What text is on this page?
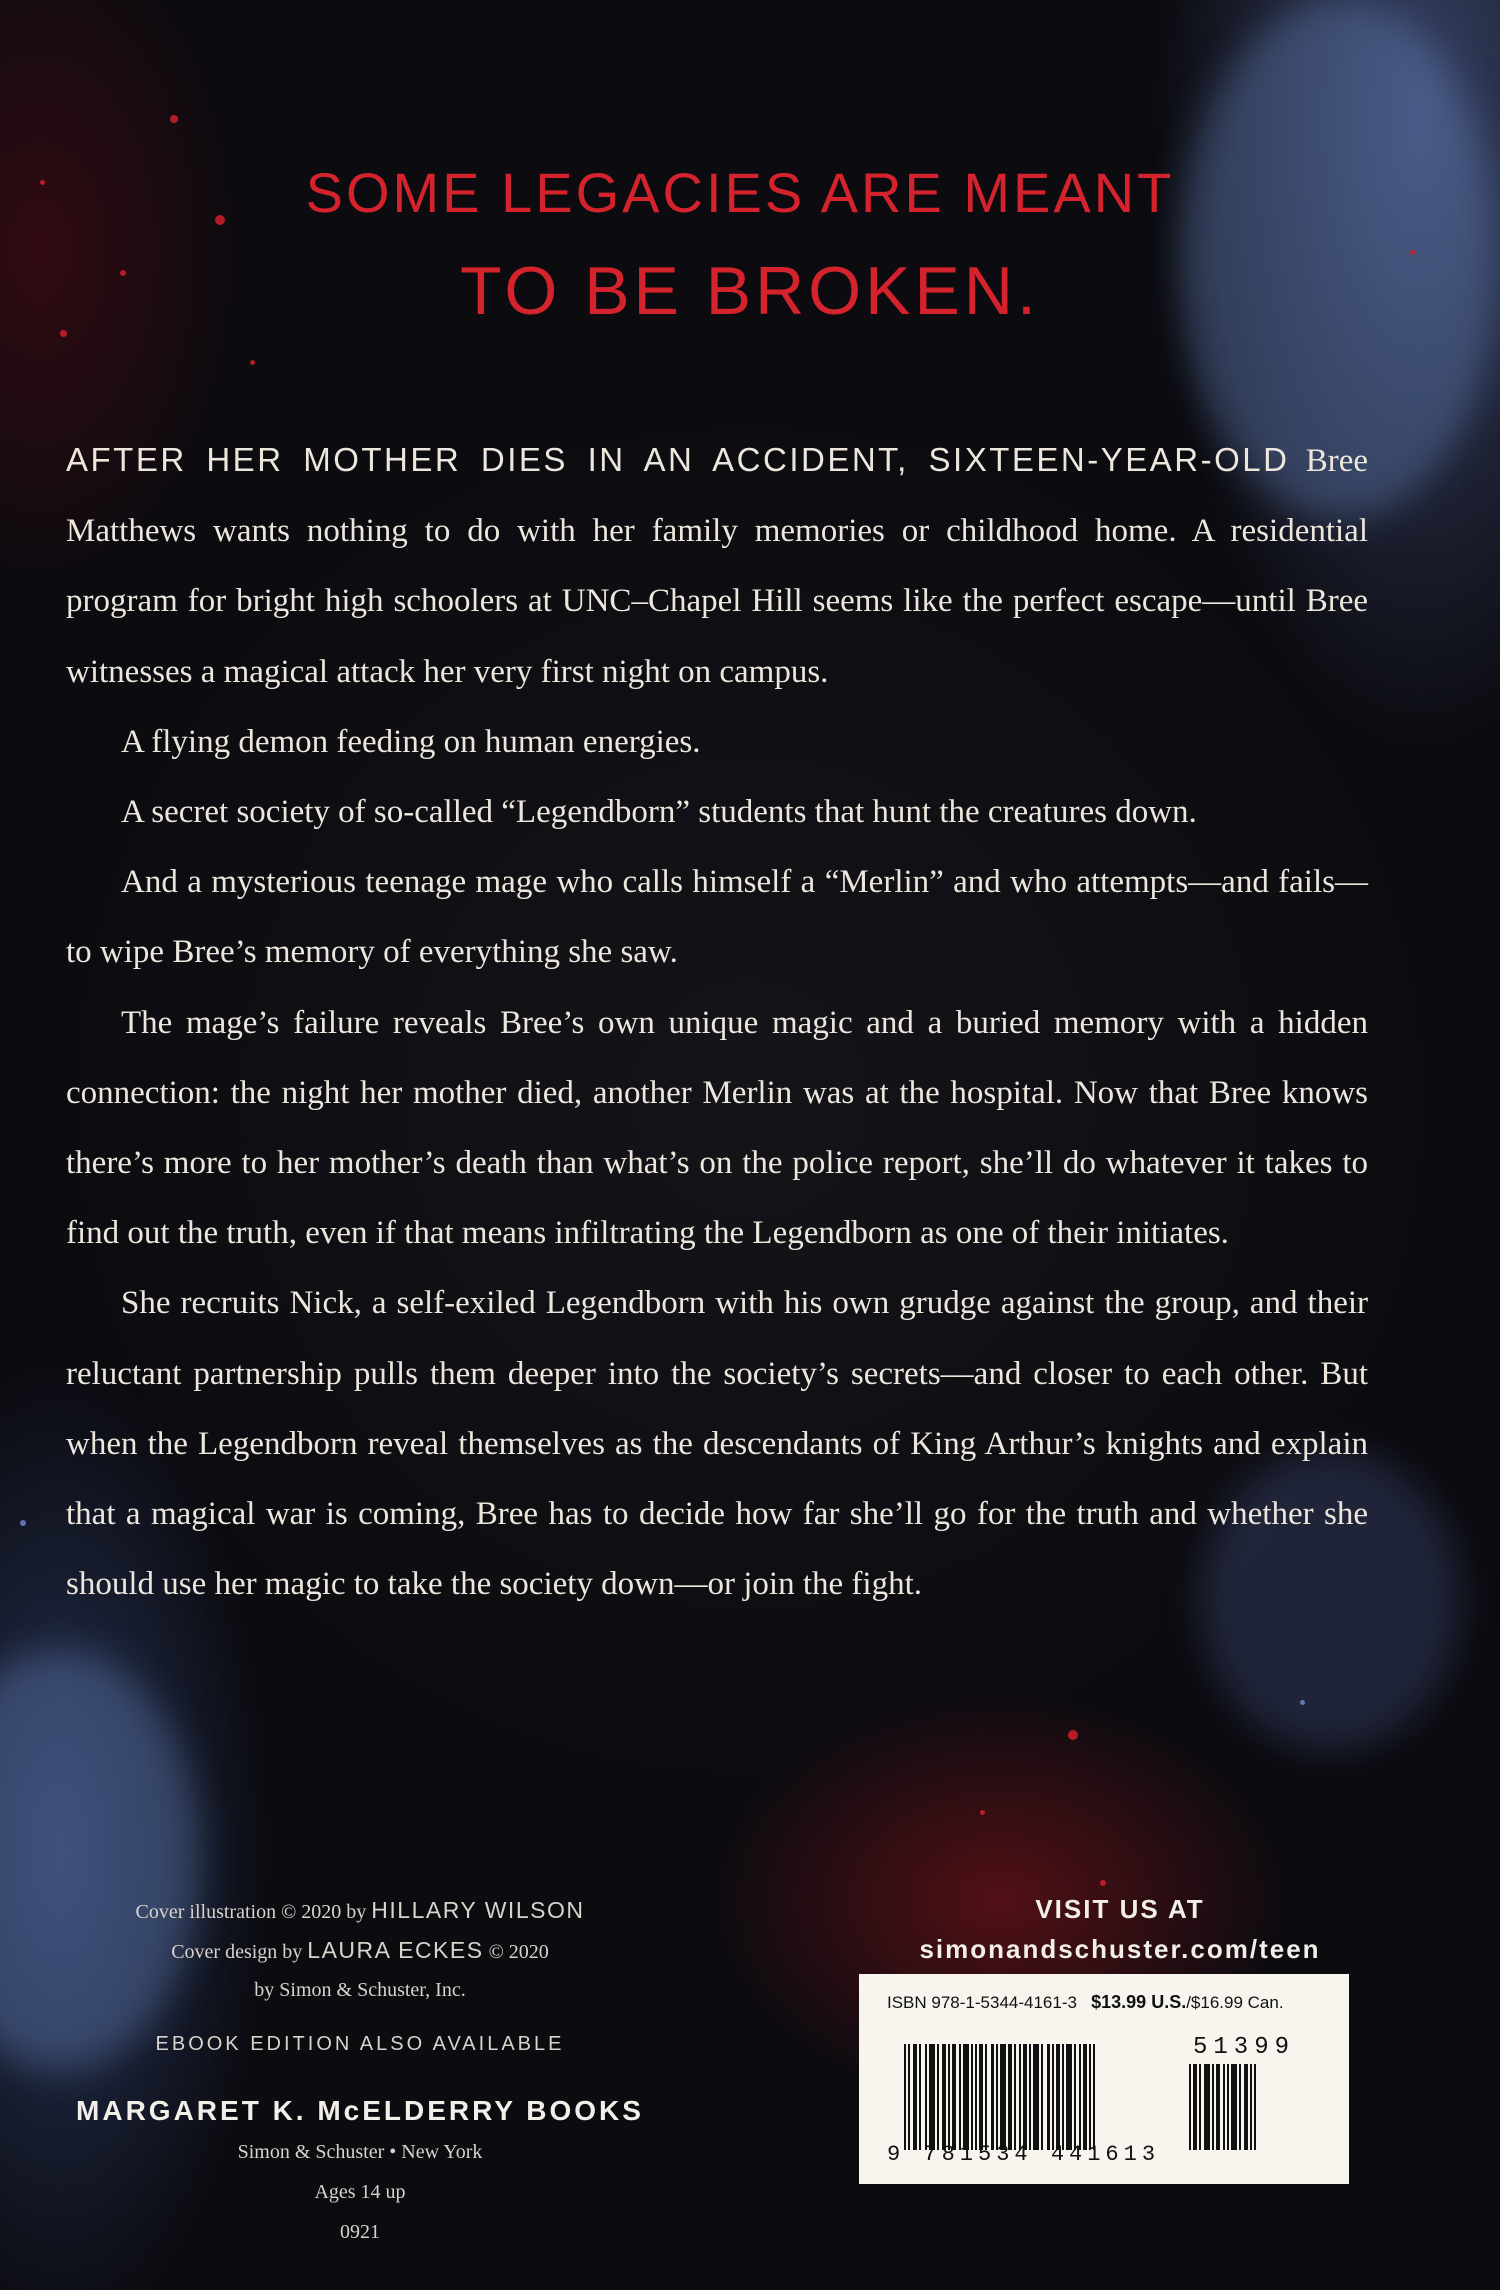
SOME LEGACIES ARE MEANT
TO BE BROKEN.

AFTER HER MOTHER DIES IN AN ACCIDENT, SIXTEEN-YEAR-OLD Bree Matthews wants nothing to do with her family memories or childhood home. A residential program for bright high schoolers at UNC–Chapel Hill seems like the perfect escape—until Bree witnesses a magical attack her very first night on campus.

A flying demon feeding on human energies.

A secret society of so-called “Legendborn” students that hunt the creatures down.

And a mysterious teenage mage who calls himself a “Merlin” and who attempts—and fails—to wipe Bree’s memory of everything she saw.

The mage’s failure reveals Bree’s own unique magic and a buried memory with a hidden connection: the night her mother died, another Merlin was at the hospital. Now that Bree knows there’s more to her mother’s death than what’s on the police report, she’ll do whatever it takes to find out the truth, even if that means infiltrating the Legendborn as one of their initiates.

She recruits Nick, a self-exiled Legendborn with his own grudge against the group, and their reluctant partnership pulls them deeper into the society’s secrets—and closer to each other. But when the Legendborn reveal themselves as the descendants of King Arthur’s knights and explain that a magical war is coming, Bree has to decide how far she’ll go for the truth and whether she should use her magic to take the society down—or join the fight.

Cover illustration © 2020 by HILLARY WILSON
Cover design by LAURA ECKES © 2020
by Simon & Schuster, Inc.
EBOOK EDITION ALSO AVAILABLE
MARGARET K. McELDERRY BOOKS
Simon & Schuster • New York
Ages 14 up
0921
VISIT US AT
simonandschuster.com/teen
ISBN 978-1-5344-4161-3 $13.99 U.S./$16.99 Can.
51399
9 781534 441613
